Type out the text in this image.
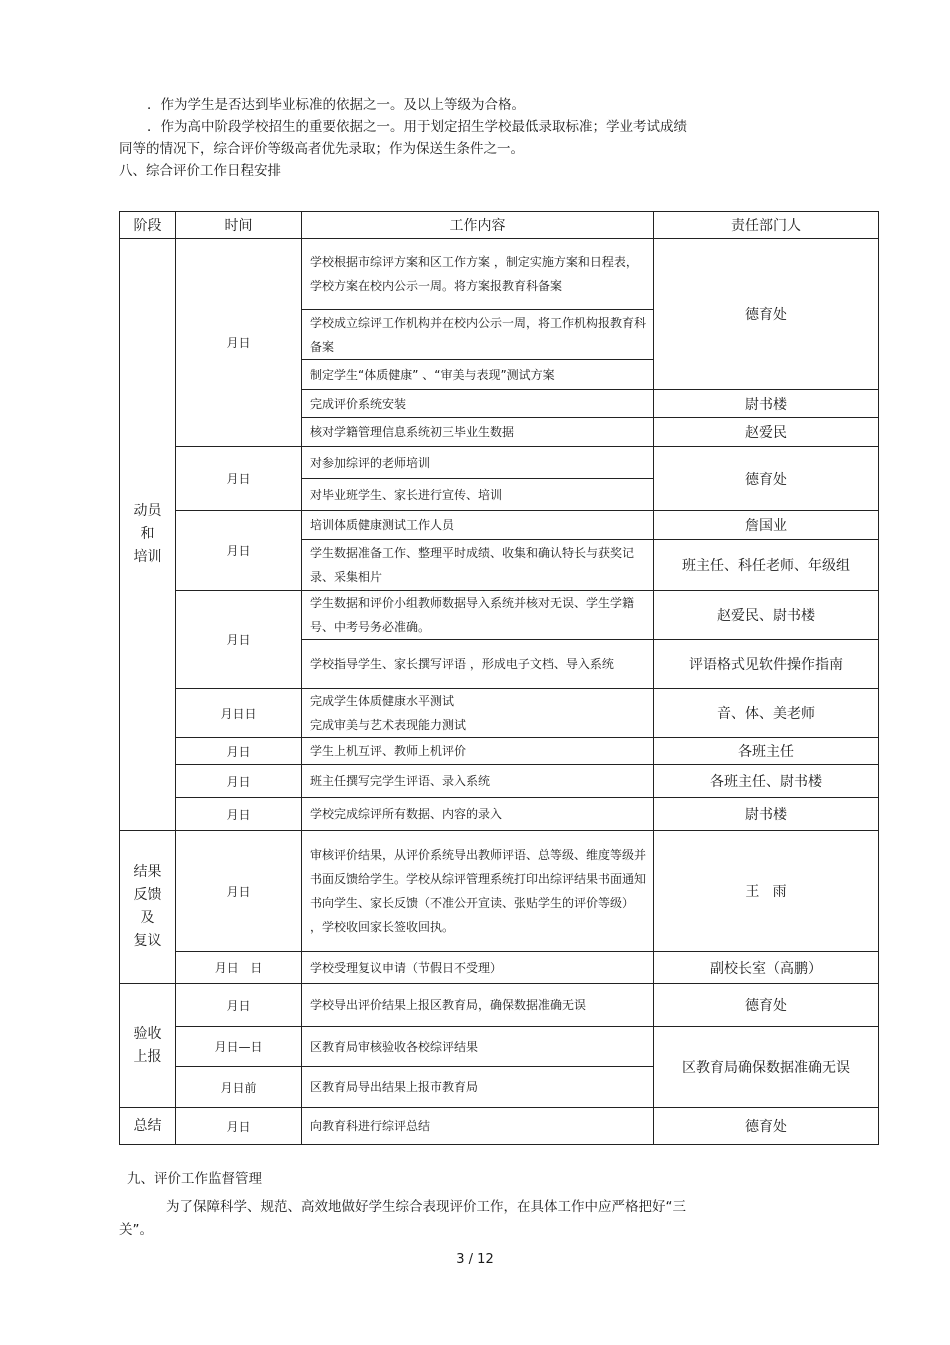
．作为学生是否达到毕业标准的依据之一。及以上等级为合格。
．作为高中阶段学校招生的重要依据之一。用于划定招生学校最低录取标准；学业考试成绩
同等的情况下，综合评价等级高者优先录取；作为保送生条件之一。
八、综合评价工作日程安排
阶段	时间	工作内容	责任部门人
动员
和
培训	月日	学校根据市综评方案和区工作方案 ，制定实施方案和日程表，学校方案在校内公示一周。将方案报教育科备案	德育处
		学校成立综评工作机构并在校内公示一周，将工作机构报教育科备案	
		制定学生“体质健康” 、“审美与表现”测试方案	
		完成评价系统安装	尉书楼
		核对学籍管理信息系统初三毕业生数据	赵爱民
	月日	对参加综评的老师培训	德育处
		对毕业班学生、家长进行宣传、培训	
	月日	培训体质健康测试工作人员	詹国业
		学生数据准备工作、整理平时成绩、收集和确认特长与获奖记录、采集相片	班主任、科任老师、年级组
	月日	学生数据和评价小组教师数据导入系统并核对无误、学生学籍号、中考号务必准确。	赵爱民、尉书楼
		学校指导学生、家长撰写评语 ，形成电子文档、导入系统	评语格式见软件操作指南
	月日日	完成学生体质健康水平测试
完成审美与艺术表现能力测试	音、体、美老师
	月日	学生上机互评、教师上机评价	各班主任
	月日	班主任撰写完学生评语、录入系统	各班主任、尉书楼
	月日	学校完成综评所有数据、内容的录入	尉书楼
结果
反馈
及
复议	月日	审核评价结果，从评价系统导出教师评语、总等级、维度等级并书面反馈给学生。学校从综评管理系统打印出综评结果书面通知书向学生、家长反馈（不准公开宣读、张贴学生的评价等级） ，学校收回家长签收回执。	王   雨
	月日   日	学校受理复议申请（节假日不受理）	副校长室（高鹏）
验收
上报	月日	学校导出评价结果上报区教育局，确保数据准确无误	德育处
	月日—日	区教育局审核验收各校综评结果	区教育局确保数据准确无误
	月日前	区教育局导出结果上报市教育局	
总结	月日	向教育科进行综评总结	德育处
九、评价工作监督管理
为了保障科学、规范、高效地做好学生综合表现评价工作，在具体工作中应严格把好“三
关”。
3 / 12
